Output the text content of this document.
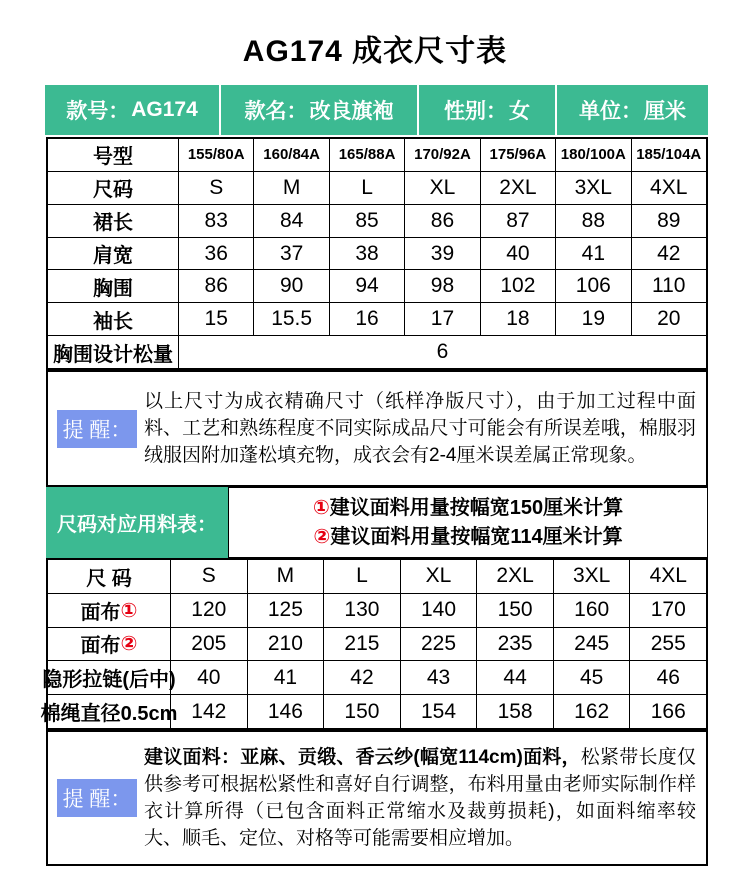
AG174 成衣尺寸表
款号： AG174 款名： 改良旗袍 性别： 女 单位： 厘米
号型	155/80A	160/84A	165/88A	170/92A	175/96A 180/100A 185/104A
尺码	S	M	L	XL	2XL	3XL	4XL
裙长	83	84	85	86	87	88	89
肩宽	36	37	38	39	40	41	42
胸围	86	90	94	98	102	106	110
袖长	15	15.5	16	17	18	19	20
胸围设计松量	6
提 醒：
以上尺寸为成衣精确尺寸（纸样净版尺寸），由于加工过程中面料、工艺和熟练程度不同实际成品尺寸可能会有所误差哦，棉服羽绒服因附加蓬松填充物，成衣会有2-4厘米误差属正常现象。
尺码对应用料表：
①建议面料用量按幅宽150厘米计算
②建议面料用量按幅宽114厘米计算
尺 码	S	M	L	XL	2XL	3XL	4XL
面布 ①	120	125	130	140	150	160	170
面布 ②	205	210	215	225	235	245	255
隐形拉链(后中)	40	41	42	43	44	45	46
棉绳直径0.5cm 142	146	150	154	158	162	166
提 醒：
建议面料：亚麻、贡缎、香云纱(幅宽114cm)面料，松紧带长度仅供参考可根据松紧性和喜好自行调整，布料用量由老师实际制作样衣计算所得（已包含面料正常缩水及裁剪损耗)，如面料缩率较大、顺毛、定位、对格等可能需要相应增加。
